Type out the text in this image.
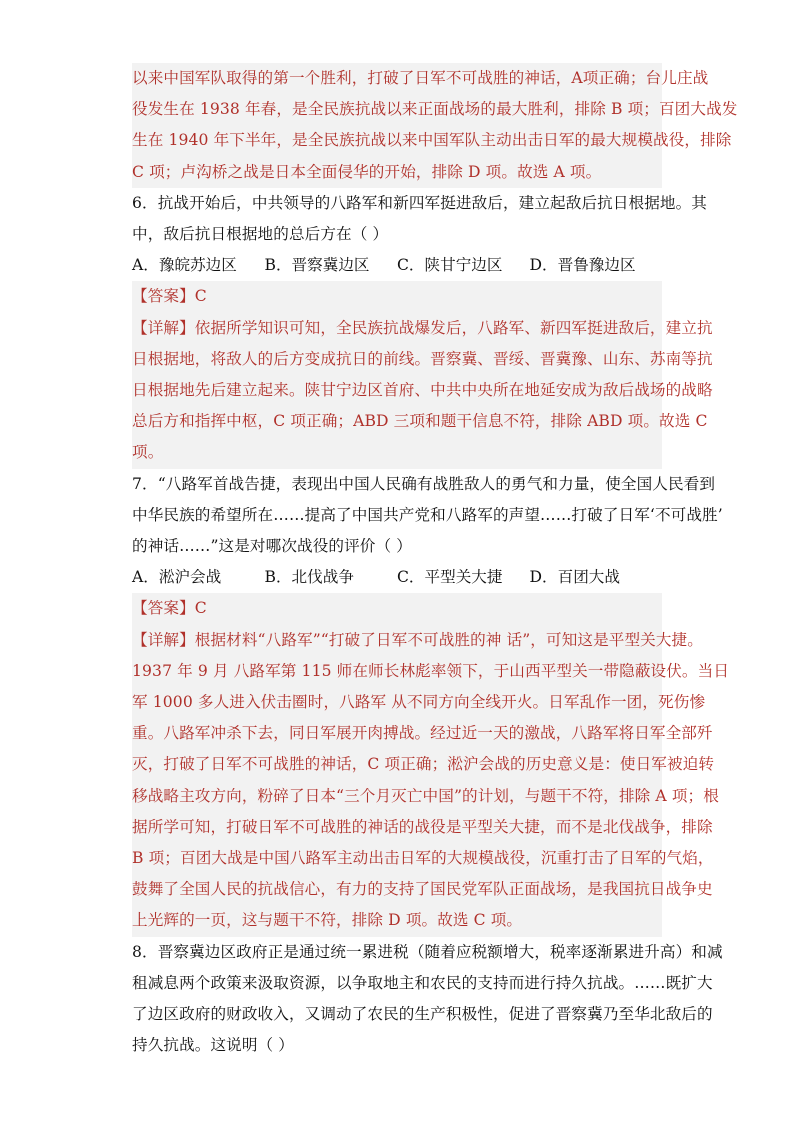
以来中国军队取得的第一个胜利，打破了日军不可战胜的神话，A项正确；台儿庄战
役发生在 1938 年春，是全民族抗战以来正面战场的最大胜利，排除 B 项；百团大战发
生在 1940 年下半年，是全民族抗战以来中国军队主动出击日军的最大规模战役，排除
C 项；卢沟桥之战是日本全面侵华的开始，排除 D 项。故选 A 项。
6．抗战开始后，中共领导的八路军和新四军挺进敌后，建立起敌后抗日根据地。其
中，敌后抗日根据地的总后方在（ ）
A．豫皖苏边区	B．晋察冀边区	C．陕甘宁边区	D．晋鲁豫边区
【答案】C
【详解】依据所学知识可知，全民族抗战爆发后，八路军、新四军挺进敌后，建立抗
日根据地，将敌人的后方变成抗日的前线。晋察冀、晋绥、晋冀豫、山东、苏南等抗
日根据地先后建立起来。陕甘宁边区首府、中共中央所在地延安成为敌后战场的战略
总后方和指挥中枢，C 项正确；ABD 三项和题干信息不符，排除 ABD 项。故选 C
项。
7．“八路军首战告捷，表现出中国人民确有战胜敌人的勇气和力量，使全国人民看到
中华民族的希望所在……提高了中国共产党和八路军的声望……打破了日军‘不可战胜’
的神话……”这是对哪次战役的评价（ ）
A．淞沪会战	B．北伐战争	C．平型关大捷	D．百团大战
【答案】C
【详解】根据材料“八路军”“打破了日军不可战胜的神 话”，可知这是平型关大捷。
1937 年 9 月 八路军第 115 师在师长林彪率领下，于山西平型关一带隐蔽设伏。当日
军 1000 多人进入伏击圈时，八路军 从不同方向全线开火。日军乱作一团，死伤惨
重。八路军冲杀下去，同日军展开肉搏战。经过近一天的激战，八路军将日军全部歼
灭，打破了日军不可战胜的神话，C 项正确；淞沪会战的历史意义是：使日军被迫转
移战略主攻方向，粉碎了日本“三个月灭亡中国”的计划，与题干不符，排除 A 项；根
据所学可知，打破日军不可战胜的神话的战役是平型关大捷，而不是北伐战争，排除
B 项；百团大战是中国八路军主动出击日军的大规模战役，沉重打击了日军的气焰，
鼓舞了全国人民的抗战信心，有力的支持了国民党军队正面战场，是我国抗日战争史
上光辉的一页，这与题干不符，排除 D 项。故选 C 项。
8．晋察冀边区政府正是通过统一累进税（随着应税额增大，税率逐渐累进升高）和减
租减息两个政策来汲取资源，以争取地主和农民的支持而进行持久抗战。……既扩大
了边区政府的财政收入，又调动了农民的生产积极性，促进了晋察冀乃至华北敌后的
持久抗战。这说明（ ）
